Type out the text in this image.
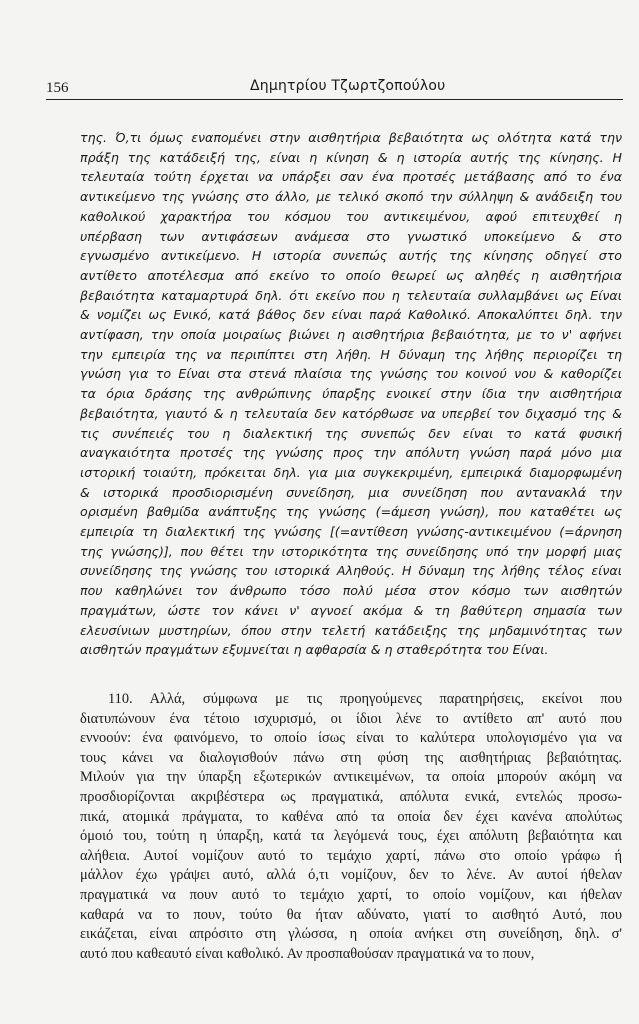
156	Δημητρίου Τζωρτζοπούλου

της. Ό,τι όμως εναπομένει στην αισθητήρια βεβαιότητα ως ολότητα κατά την
πράξη της κατάδειξή της, είναι η κίνηση & η ιστορία αυτής της κίνησης. Η
τελευταία τούτη έρχεται να υπάρξει σαν ένα προτσές μετάβασης από το ένα
αντικείμενο της γνώσης στο άλλο, με τελικό σκοπό την σύλληψη & ανάδειξη του
καθολικού χαρακτήρα του κόσμου του αντικειμένου, αφού επιτευχθεί η
υπέρβαση των αντιφάσεων ανάμεσα στο γνωστικό υποκείμενο & στο
εγνωσμένο αντικείμενο. Η ιστορία συνεπώς αυτής της κίνησης οδηγεί στο
αντίθετο αποτέλεσμα από εκείνο το οποίο θεωρεί ως αληθές η αισθητήρια
βεβαιότητα καταμαρτυρά δηλ. ότι εκείνο που η τελευταία συλλαμβάνει ως Είναι
& νομίζει ως Ενικό, κατά βάθος δεν είναι παρά Καθολικό. Αποκαλύπτει δηλ. την
αντίφαση, την οποία μοιραίως βιώνει η αισθητήρια βεβαιότητα, με το ν' αφήνει
την εμπειρία της να περιπίπτει στη λήθη. Η δύναμη της λήθης περιορίζει τη
γνώση για το Είναι στα στενά πλαίσια της γνώσης του κοινού νου & καθορίζει
τα όρια δράσης της ανθρώπινης ύπαρξης ενοικεί στην ίδια την αισθητήρια
βεβαιότητα, γιαυτό & η τελευταία δεν κατόρθωσε να υπερβεί τον διχασμό της &
τις συνέπειές του η διαλεκτική της συνεπώς δεν είναι το κατά φυσική
αναγκαιότητα προτσές της γνώσης προς την απόλυτη γνώση παρά μόνο μια
ιστορική τοιαύτη, πρόκειται δηλ. για μια συγκεκριμένη, εμπειρικά διαμορφωμένη
& ιστορικά προσδιορισμένη συνείδηση, μια συνείδηση που αντανακλά την
ορισμένη βαθμίδα ανάπτυξης της γνώσης (=άμεση γνώση), που καταθέτει ως
εμπειρία τη διαλεκτική της γνώσης [(=αντίθεση γνώσης-αντικειμένου (=άρνηση
της γνώσης)], που θέτει την ιστορικότητα της συνείδησης υπό την μορφή μιας
συνείδησης της γνώσης του ιστορικά Αληθούς. Η δύναμη της λήθης τέλος είναι
που καθηλώνει τον άνθρωπο τόσο πολύ μέσα στον κόσμο των αισθητών
πραγμάτων, ώστε τον κάνει ν' αγνοεί ακόμα & τη βαθύτερη σημασία των
ελευσίνιων μυστηρίων, όπου στην τελετή κατάδειξης της μηδαμινότητας των
αισθητών πραγμάτων εξυμνείται η αφθαρσία & η σταθερότητα του Είναι.

110. Αλλά, σύμφωνα με τις προηγούμενες παρατηρήσεις, εκείνοι που
διατυπώνουν ένα τέτοιο ισχυρισμό, οι ίδιοι λένε το αντίθετο απ' αυτό που
εννοούν: ένα φαινόμενο, το οποίο ίσως είναι το καλύτερα υπολογισμένο για να
τους κάνει να διαλογισθούν πάνω στη φύση της αισθητήριας βεβαιότητας.
Μιλούν για την ύπαρξη εξωτερικών αντικειμένων, τα οποία μπορούν ακόμη να
προσδιορίζονται ακριβέστερα ως πραγματικά, απόλυτα ενικά, εντελώς προσω-
πικά, ατομικά πράγματα, το καθένα από τα οποία δεν έχει κανένα απολύτως
όμοιό του, τούτη η ύπαρξη, κατά τα λεγόμενά τους, έχει απόλυτη βεβαιότητα και
αλήθεια. Αυτοί νομίζουν αυτό το τεμάχιο χαρτί, πάνω στο οποίο γράφω ή
μάλλον έχω γράψει αυτό, αλλά ό,τι νομίζουν, δεν το λένε. Αν αυτοί ήθελαν
πραγματικά να πουν αυτό το τεμάχιο χαρτί, το οποίο νομίζουν, και ήθελαν
καθαρά να το πουν, τούτο θα ήταν αδύνατο, γιατί το αισθητό Αυτό, που
εικάζεται, είναι απρόσιτο στη γλώσσα, η οποία ανήκει στη συνείδηση, δηλ. σ'
αυτό που καθεαυτό είναι καθολικό. Αν προσπαθούσαν πραγματικά να το πουν,
